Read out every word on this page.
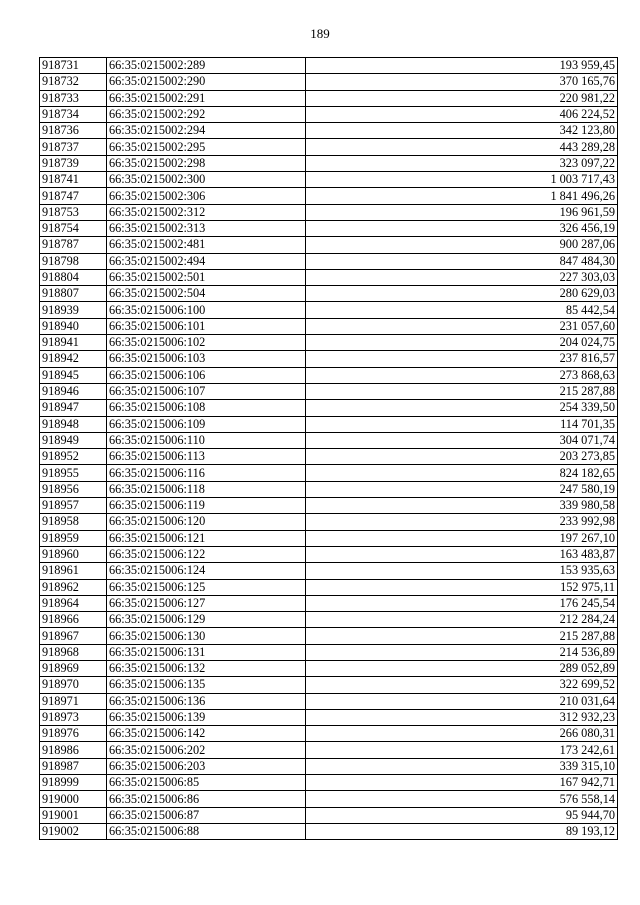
189
918731	66:35:0215002:289	193 959,45
918732	66:35:0215002:290	370 165,76
918733	66:35:0215002:291	220 981,22
918734	66:35:0215002:292	406 224,52
918736	66:35:0215002:294	342 123,80
918737	66:35:0215002:295	443 289,28
918739	66:35:0215002:298	323 097,22
918741	66:35:0215002:300	1 003 717,43
918747	66:35:0215002:306	1 841 496,26
918753	66:35:0215002:312	196 961,59
918754	66:35:0215002:313	326 456,19
918787	66:35:0215002:481	900 287,06
918798	66:35:0215002:494	847 484,30
918804	66:35:0215002:501	227 303,03
918807	66:35:0215002:504	280 629,03
918939	66:35:0215006:100	85 442,54
918940	66:35:0215006:101	231 057,60
918941	66:35:0215006:102	204 024,75
918942	66:35:0215006:103	237 816,57
918945	66:35:0215006:106	273 868,63
918946	66:35:0215006:107	215 287,88
918947	66:35:0215006:108	254 339,50
918948	66:35:0215006:109	114 701,35
918949	66:35:0215006:110	304 071,74
918952	66:35:0215006:113	203 273,85
918955	66:35:0215006:116	824 182,65
918956	66:35:0215006:118	247 580,19
918957	66:35:0215006:119	339 980,58
918958	66:35:0215006:120	233 992,98
918959	66:35:0215006:121	197 267,10
918960	66:35:0215006:122	163 483,87
918961	66:35:0215006:124	153 935,63
918962	66:35:0215006:125	152 975,11
918964	66:35:0215006:127	176 245,54
918966	66:35:0215006:129	212 284,24
918967	66:35:0215006:130	215 287,88
918968	66:35:0215006:131	214 536,89
918969	66:35:0215006:132	289 052,89
918970	66:35:0215006:135	322 699,52
918971	66:35:0215006:136	210 031,64
918973	66:35:0215006:139	312 932,23
918976	66:35:0215006:142	266 080,31
918986	66:35:0215006:202	173 242,61
918987	66:35:0215006:203	339 315,10
918999	66:35:0215006:85	167 942,71
919000	66:35:0215006:86	576 558,14
919001	66:35:0215006:87	95 944,70
919002	66:35:0215006:88	89 193,12
